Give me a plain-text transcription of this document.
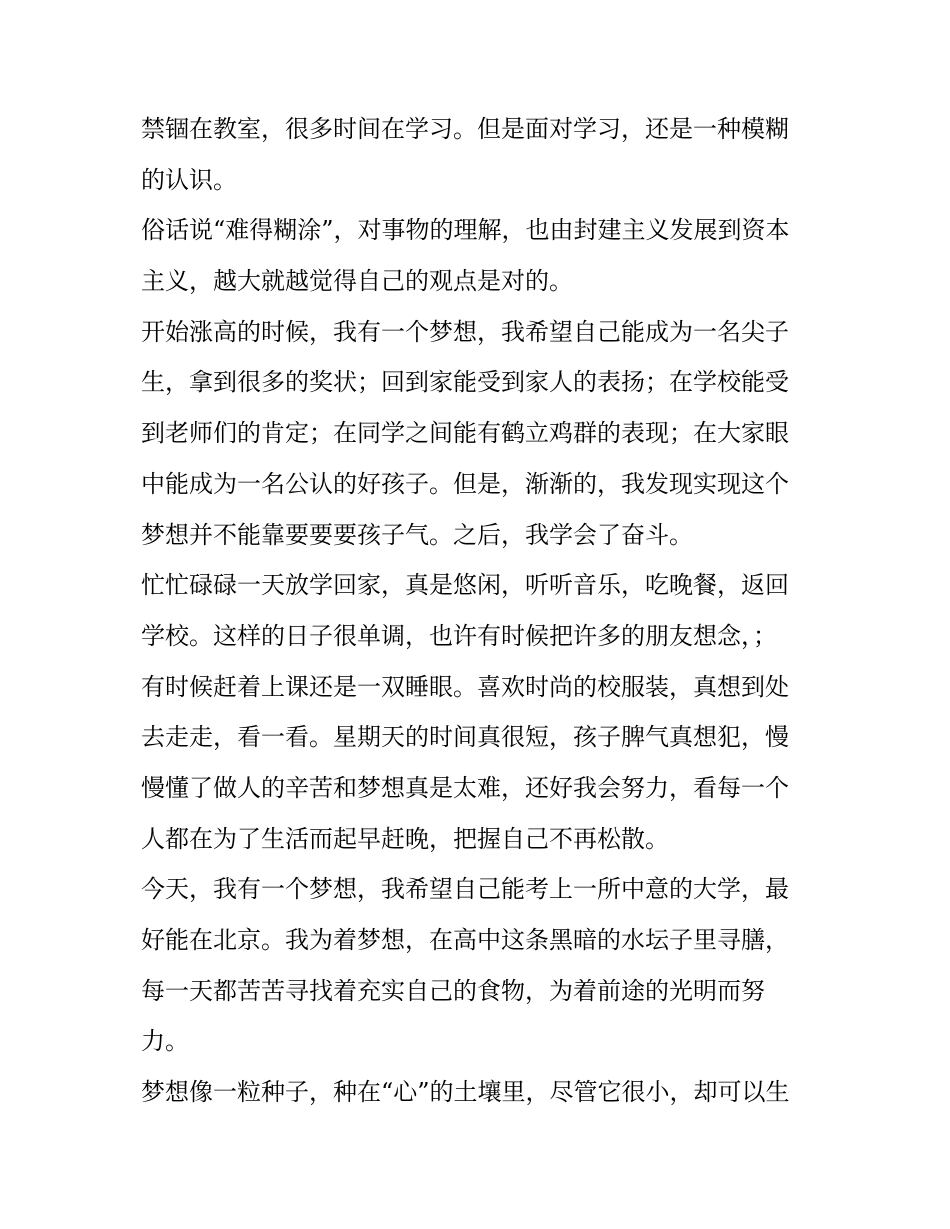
禁锢在教室，很多时间在学习。但是面对学习，还是一种模糊
的认识。
俗话说“难得糊涂”，对事物的理解，也由封建主义发展到资本
主义，越大就越觉得自己的观点是对的。
开始涨高的时候，我有一个梦想，我希望自己能成为一名尖子
生，拿到很多的奖状；回到家能受到家人的表扬；在学校能受
到老师们的肯定；在同学之间能有鹤立鸡群的表现；在大家眼
中能成为一名公认的好孩子。但是，渐渐的，我发现实现这个
梦想并不能靠要要要孩子气。之后，我学会了奋斗。
忙忙碌碌一天放学回家，真是悠闲，听听音乐，吃晚餐，返回
学校。这样的日子很单调，也许有时候把许多的朋友想念，；
有时候赶着上课还是一双睡眼。喜欢时尚的校服装，真想到处
去走走，看一看。星期天的时间真很短，孩子脾气真想犯，慢
慢懂了做人的辛苦和梦想真是太难，还好我会努力，看每一个
人都在为了生活而起早赶晚，把握自己不再松散。
今天，我有一个梦想，我希望自己能考上一所中意的大学，最
好能在北京。我为着梦想，在高中这条黑暗的水坛子里寻膳，
每一天都苦苦寻找着充实自己的食物，为着前途的光明而努
力。
梦想像一粒种子，种在“心”的土壤里，尽管它很小，却可以生
